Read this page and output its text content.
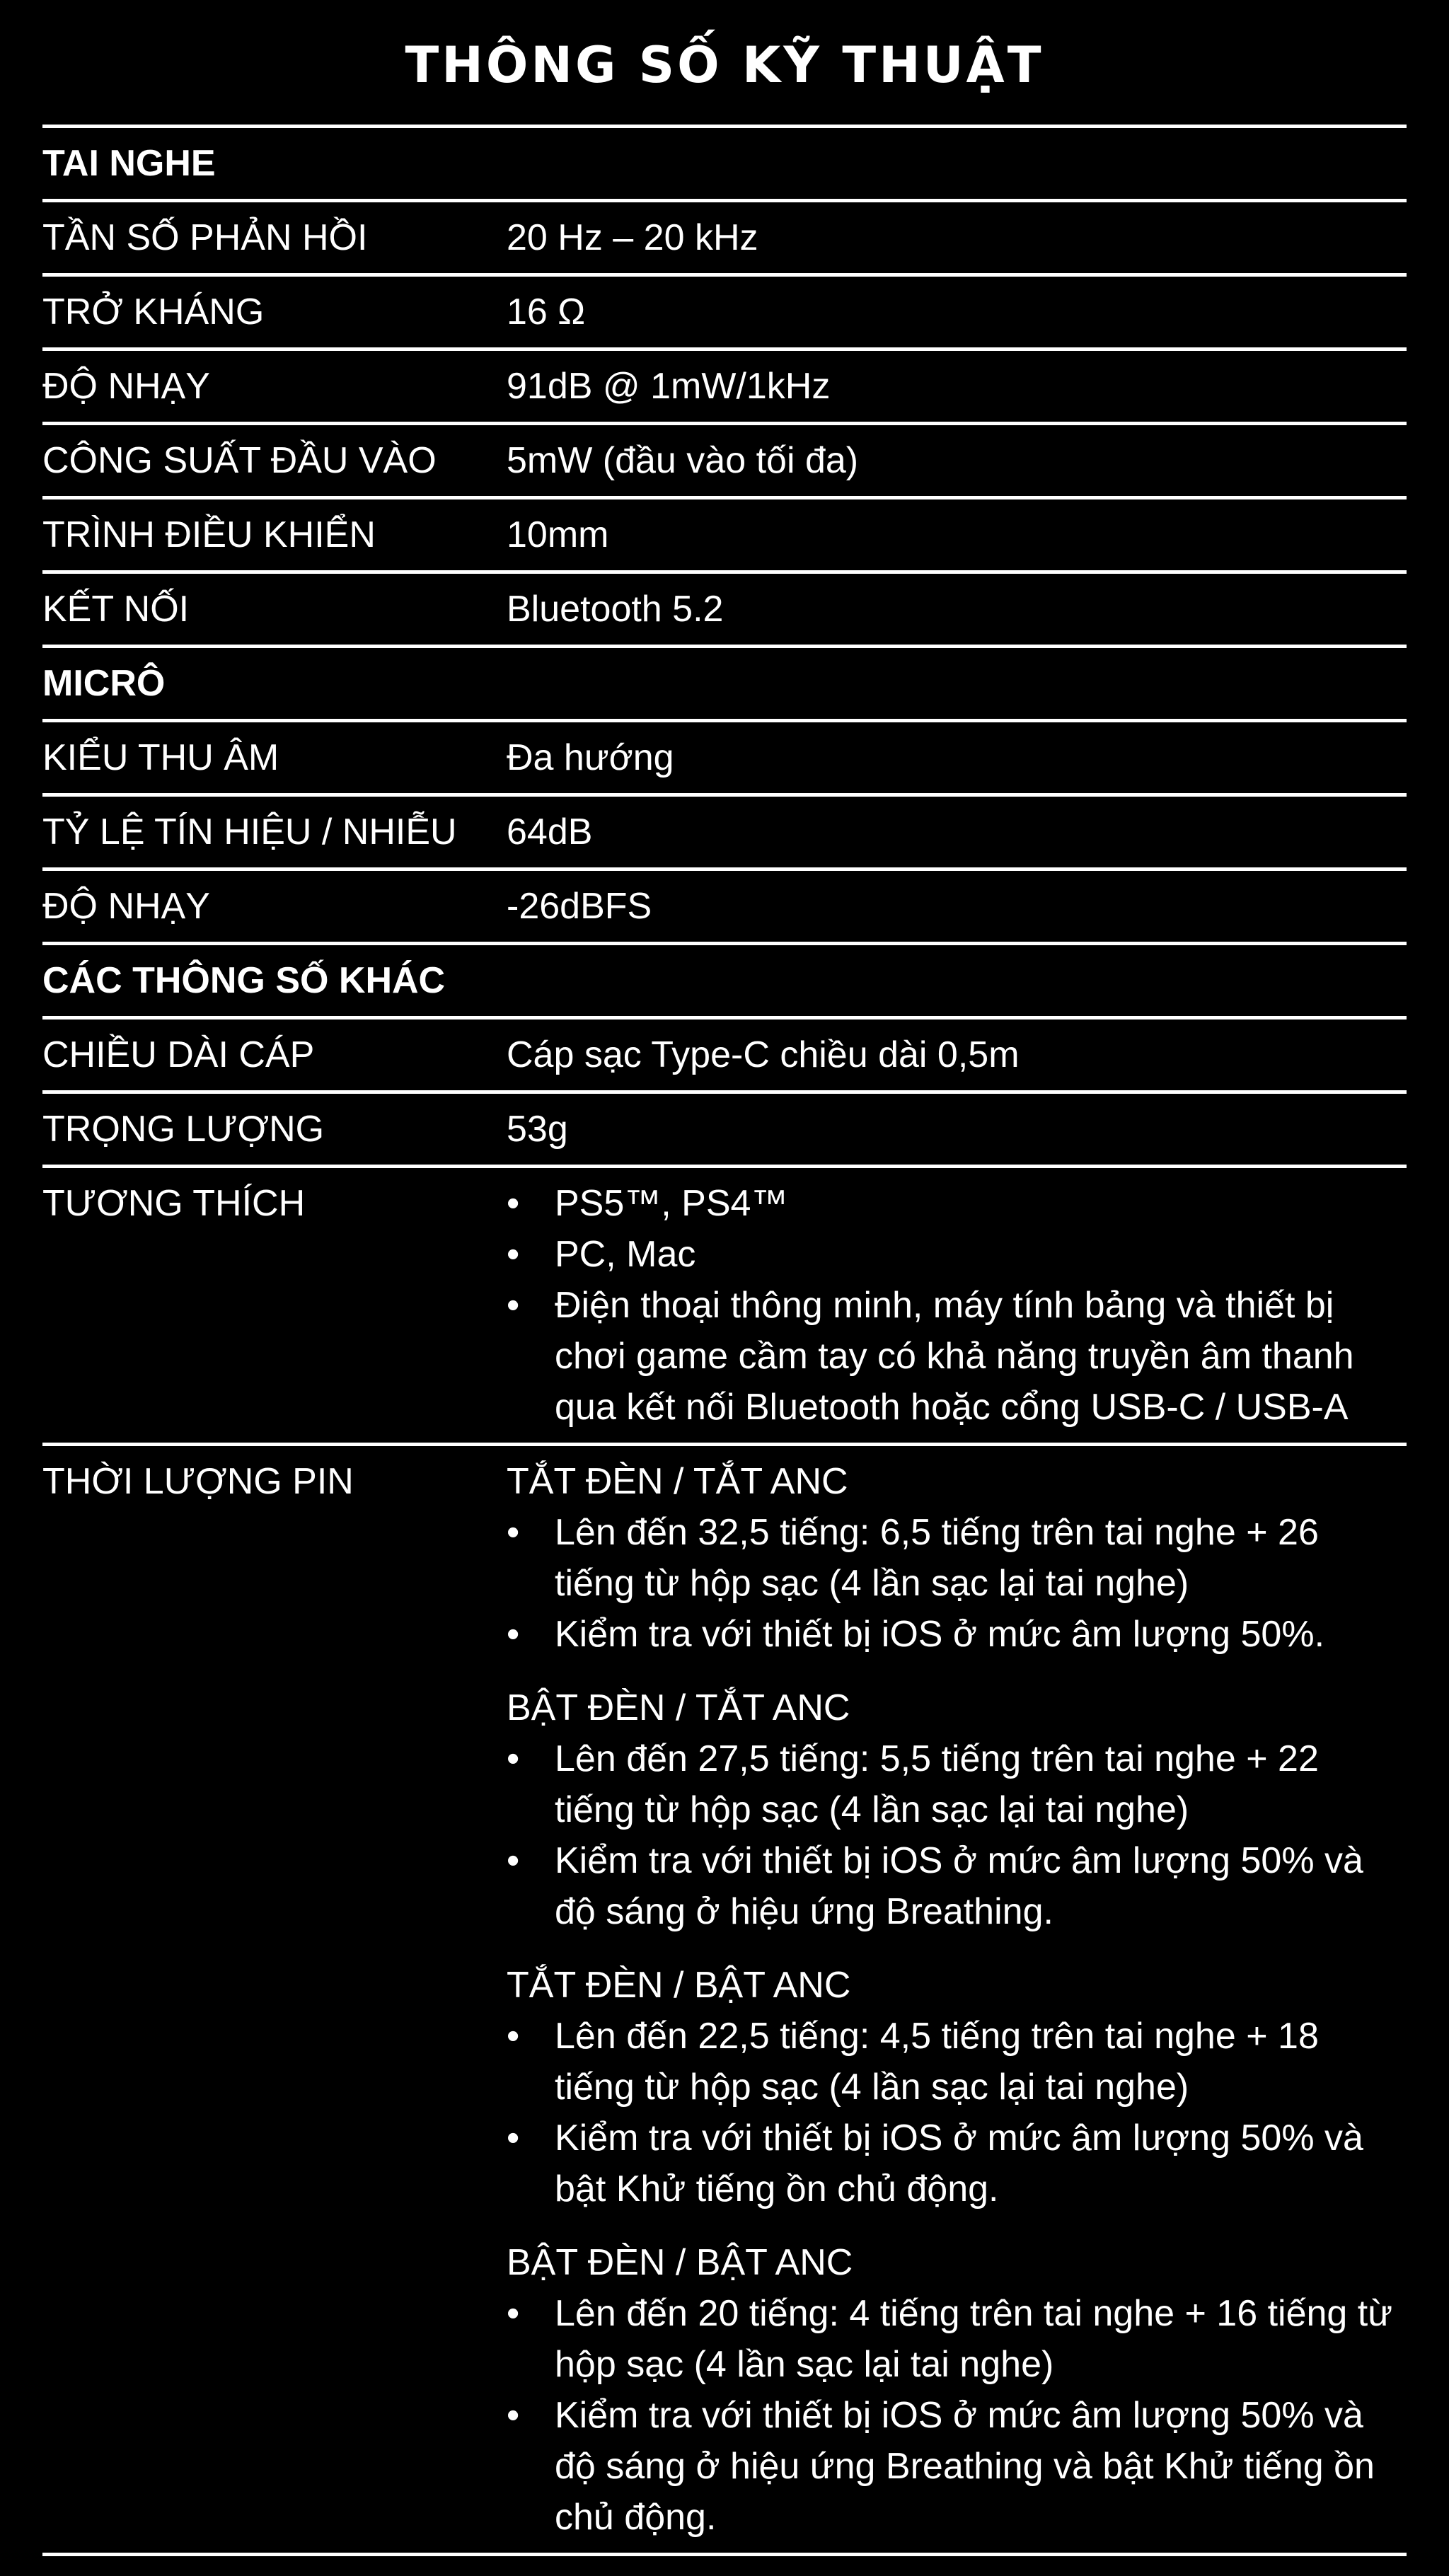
THÔNG SỐ KỸ THUẬT
TAI NGHE
TẦN SỐ PHẢN HỒI	20 Hz – 20 kHz
TRỞ KHÁNG	16 Ω
ĐỘ NHẠY	91dB @ 1mW/1kHz
CÔNG SUẤT ĐẦU VÀO	5mW (đầu vào tối đa)
TRÌNH ĐIỀU KHIỂN	10mm
KẾT NỐI	Bluetooth 5.2
MICRÔ
KIỂU THU ÂM	Đa hướng
TỶ LỆ TÍN HIỆU / NHIỄU	64dB
ĐỘ NHẠY	-26dBFS
CÁC THÔNG SỐ KHÁC
CHIỀU DÀI CÁP	Cáp sạc Type-C chiều dài 0,5m
TRỌNG LƯỢNG	53g
TƯƠNG THÍCH
•	PS5™, PS4™
• PC, Mac
• Điện thoại thông minh, máy tính bảng và thiết bị chơi game cầm tay có khả năng truyền âm thanh qua kết nối Bluetooth hoặc cổng USB-C / USB-A
THỜI LƯỢNG PIN	TẮT ĐÈN / TẮT ANC
• Lên đến 32,5 tiếng: 6,5 tiếng trên tai nghe + 26 tiếng từ hộp sạc (4 lần sạc lại tai nghe)
• Kiểm tra với thiết bị iOS ở mức âm lượng 50%.
BẬT ĐÈN / TẮT ANC
• Lên đến 27,5 tiếng: 5,5 tiếng trên tai nghe + 22 tiếng từ hộp sạc (4 lần sạc lại tai nghe)
• Kiểm tra với thiết bị iOS ở mức âm lượng 50% và độ sáng ở hiệu ứng Breathing.
TẮT ĐÈN / BẬT ANC
• Lên đến 22,5 tiếng: 4,5 tiếng trên tai nghe + 18 tiếng từ hộp sạc (4 lần sạc lại tai nghe)
• Kiểm tra với thiết bị iOS ở mức âm lượng 50% và bật Khử tiếng ồn chủ động.
BẬT ĐÈN / BẬT ANC
• Lên đến 20 tiếng: 4 tiếng trên tai nghe + 16 tiếng từ hộp sạc (4 lần sạc lại tai nghe)
• Kiểm tra với thiết bị iOS ở mức âm lượng 50% và độ sáng ở hiệu ứng Breathing và bật Khử tiếng ồn chủ động.
